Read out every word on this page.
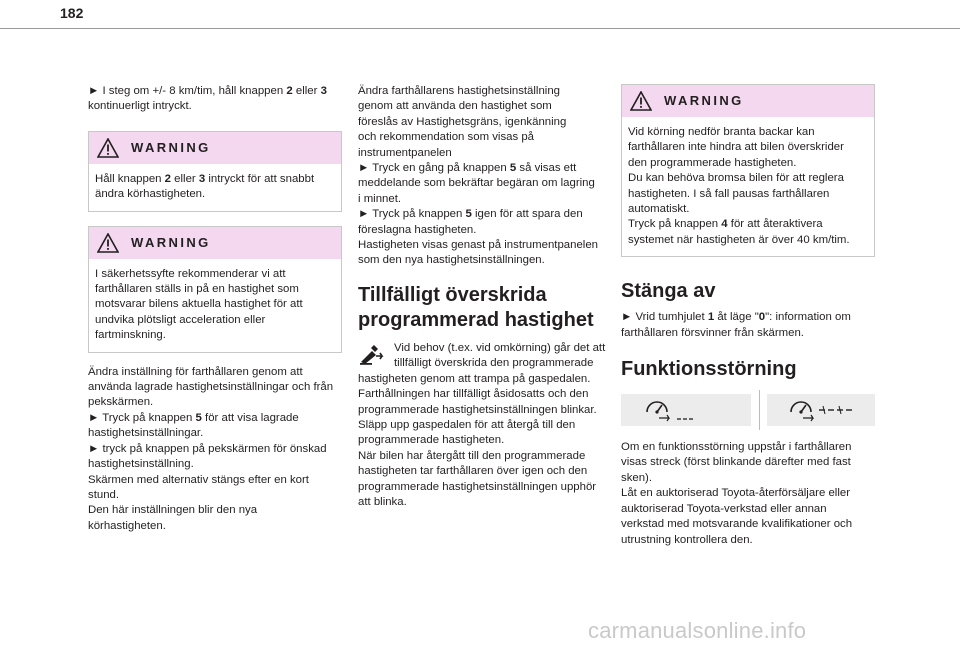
182

► I steg om +/- 8 km/tim, håll knappen 2 eller 3
kontinuerligt intryckt.

WARNING
Håll knappen 2 eller 3 intryckt för att snabbt
ändra körhastigheten.
WARNING
I säkerhetssyfte rekommenderar vi att
farthållaren ställs in på en hastighet som
motsvarar bilens aktuella hastighet för att
undvika plötsligt acceleration eller
fartminskning.

Ändra inställning för farthållaren genom att
använda lagrade hastighetsinställningar och från
pekskärmen.
► Tryck på knappen 5 för att visa lagrade
hastighetsinställningar.
► tryck på knappen på pekskärmen för önskad
hastighetsinställning.
Skärmen med alternativ stängs efter en kort
stund.
Den här inställningen blir den nya
körhastigheten.

Ändra farthållarens hastighetsinställning
genom att använda den hastighet som
föreslås av Hastighetsgräns, igenkänning
och rekommendation som visas på
instrumentpanelen
► Tryck en gång på knappen 5 så visas ett
meddelande som bekräftar begäran om lagring
i minnet.
► Tryck på knappen 5 igen för att spara den
föreslagna hastigheten.
Hastigheten visas genast på instrumentpanelen
som den nya hastighetsinställningen.

Tillfälligt överskrida
programmerad hastighet

Vid behov (t.ex. vid omkörning) går det att
tillfälligt överskrida den programmerade
hastigheten genom att trampa på gaspedalen.
Farthållningen har tillfälligt åsidosatts och den
programmerade hastighetsinställningen blinkar.
Släpp upp gaspedalen för att återgå till den
programmerade hastigheten.
När bilen har återgått till den programmerade
hastigheten tar farthållaren över igen och den
programmerade hastighetsinställningen upphör
att blinka.

WARNING
Vid körning nedför branta backar kan
farthållaren inte hindra att bilen överskrider
den programmerade hastigheten.
Du kan behöva bromsa bilen för att reglera
hastigheten. I så fall pausas farthållaren
automatiskt.
Tryck på knappen 4 för att återaktivera
systemet när hastigheten är över 40 km/tim.
Stänga av

► Vrid tumhjulet 1 åt läge "0": information om
farthållaren försvinner från skärmen.

Funktionsstörning

Om en funktionsstörning uppstår i farthållaren
visas streck (först blinkande därefter med fast
sken).
Låt en auktoriserad Toyota-återförsäljare eller
auktoriserad Toyota-verkstad eller annan
verkstad med motsvarande kvalifikationer och
utrustning kontrollera den.

carmanualsonline.info
